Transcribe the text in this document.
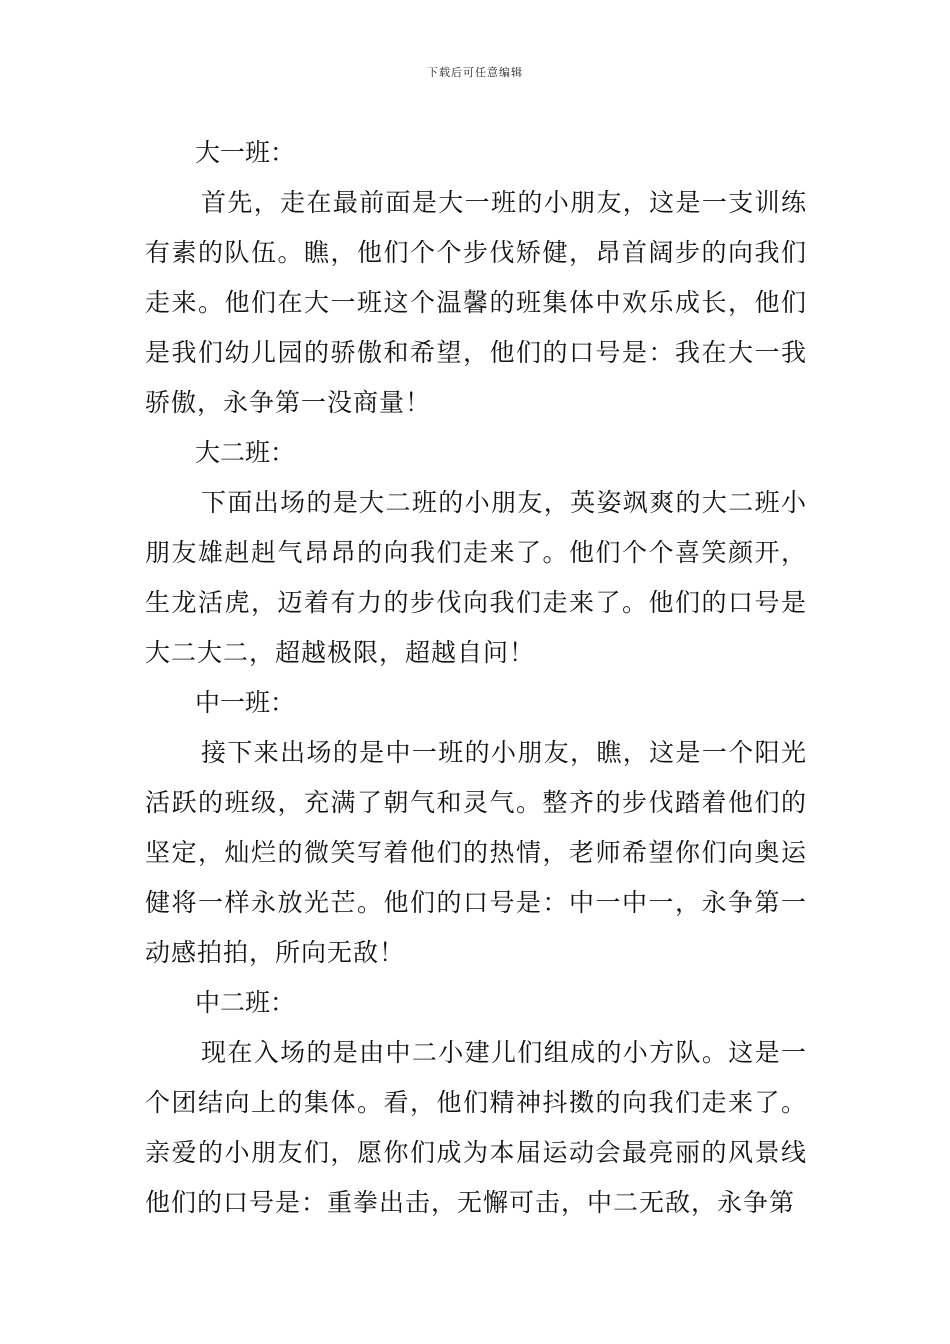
下载后可任意编辑

大一班：

首先，走在最前面是大一班的小朋友，这是一支训练有素的队伍。瞧，他们个个步伐矫健，昂首阔步的向我们走来。他们在大一班这个温馨的班集体中欢乐成长，他们是我们幼儿园的骄傲和希望，他们的口号是：我在大一我骄傲，永争第一没商量！

大二班：

下面出场的是大二班的小朋友，英姿飒爽的大二班小朋友雄赳赳气昂昂的向我们走来了。他们个个喜笑颜开，生龙活虎，迈着有力的步伐向我们走来了。他们的口号是大二大二，超越极限，超越自问！

中一班：

接下来出场的是中一班的小朋友，瞧，这是一个阳光活跃的班级，充满了朝气和灵气。整齐的步伐踏着他们的坚定，灿烂的微笑写着他们的热情，老师希望你们向奥运健将一样永放光芒。他们的口号是：中一中一，永争第一动感拍拍，所向无敌！

中二班：

现在入场的是由中二小建儿们组成的小方队。这是一个团结向上的集体。看，他们精神抖擞的向我们走来了。亲爱的小朋友们，愿你们成为本届运动会最亮丽的风景线他们的口号是：重拳出击，无懈可击，中二无敌，永争第
